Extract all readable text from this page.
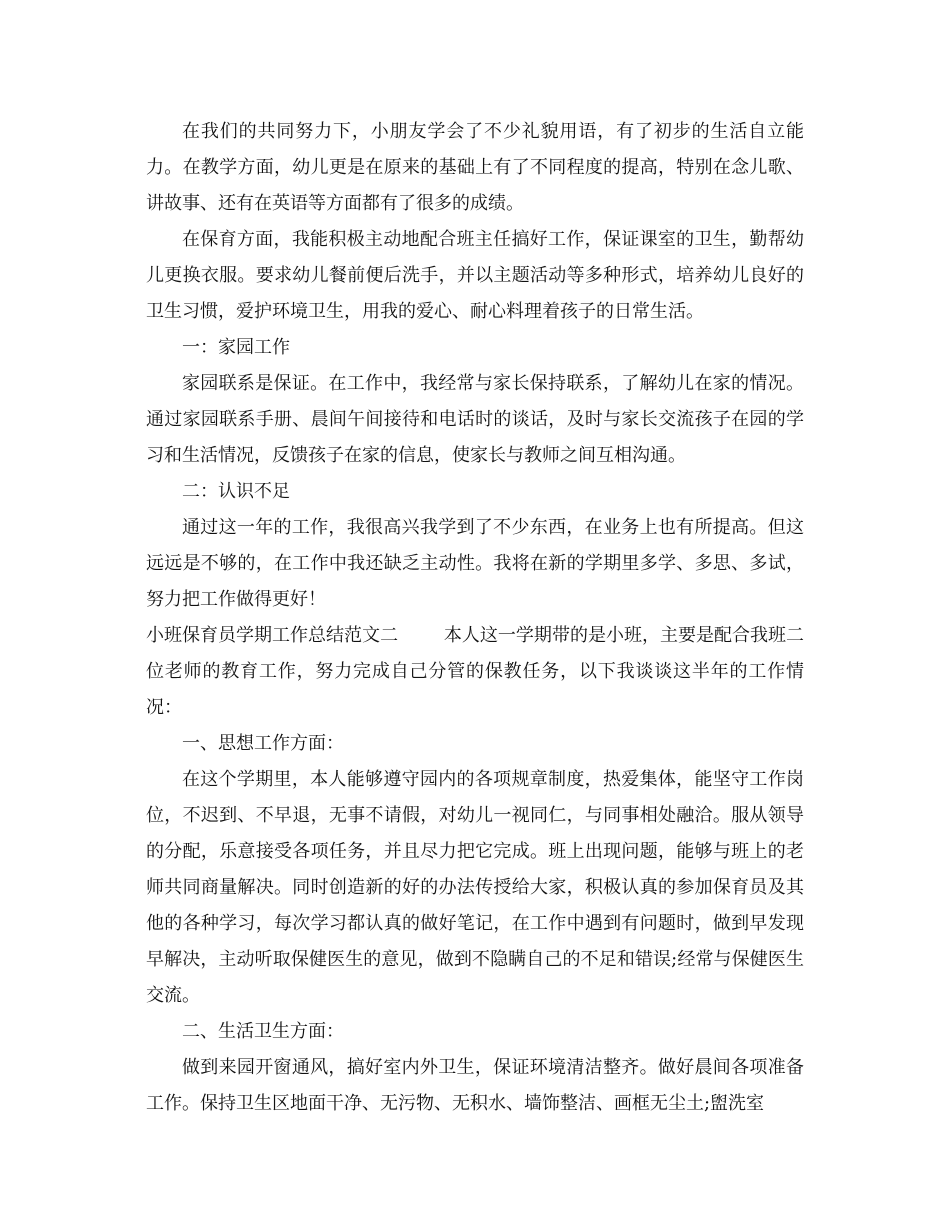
在我们的共同努力下，小朋友学会了不少礼貌用语，有了初步的生活自立能力。在教学方面，幼儿更是在原来的基础上有了不同程度的提高，特别在念儿歌、讲故事、还有在英语等方面都有了很多的成绩。

在保育方面，我能积极主动地配合班主任搞好工作，保证课室的卫生，勤帮幼儿更换衣服。要求幼儿餐前便后洗手，并以主题活动等多种形式，培养幼儿良好的卫生习惯，爱护环境卫生，用我的爱心、耐心料理着孩子的日常生活。

一：家园工作

家园联系是保证。在工作中，我经常与家长保持联系，了解幼儿在家的情况。通过家园联系手册、晨间午间接待和电话时的谈话，及时与家长交流孩子在园的学习和生活情况，反馈孩子在家的信息，使家长与教师之间互相沟通。

二：认识不足

通过这一年的工作，我很高兴我学到了不少东西，在业务上也有所提高。但这远远是不够的，在工作中我还缺乏主动性。我将在新的学期里多学、多思、多试，努力把工作做得更好！

小班保育员学期工作总结范文二	本人这一学期带的是小班，主要是配合我班二位老师的教育工作，努力完成自己分管的保教任务，以下我谈谈这半年的工作情况：

一、思想工作方面：

在这个学期里，本人能够遵守园内的各项规章制度，热爱集体，能坚守工作岗位，不迟到、不早退，无事不请假，对幼儿一视同仁，与同事相处融洽。服从领导的分配，乐意接受各项任务，并且尽力把它完成。班上出现问题，能够与班上的老师共同商量解决。同时创造新的好的办法传授给大家，积极认真的参加保育员及其他的各种学习，每次学习都认真的做好笔记，在工作中遇到有问题时，做到早发现早解决，主动听取保健医生的意见，做到不隐瞒自己的不足和错误;经常与保健医生交流。

二、生活卫生方面：

做到来园开窗通风，搞好室内外卫生，保证环境清洁整齐。做好晨间各项准备工作。保持卫生区地面干净、无污物、无积水、墙饰整洁、画框无尘土;盥洗室
